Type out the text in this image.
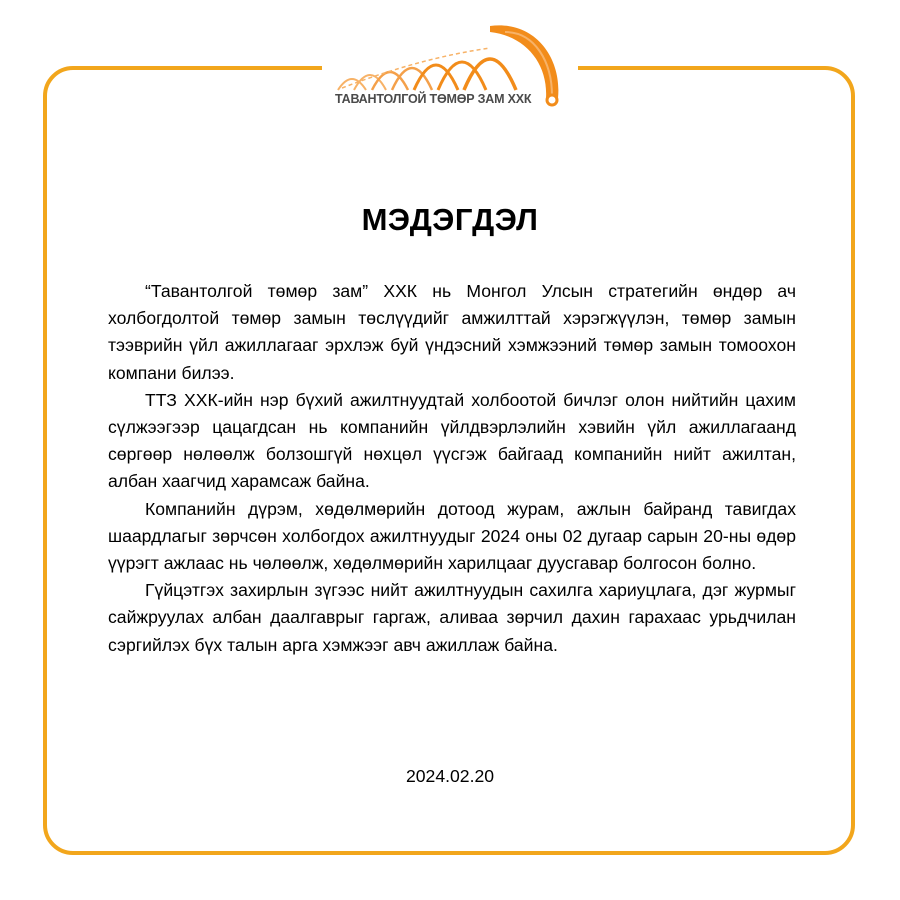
ТАВАНТОЛГОЙ ТӨМӨР ЗАМ ХХК
МЭДЭГДЭЛ

“Тавантолгой төмөр зам” ХХК нь Монгол Улсын стратегийн өндөр ач холбогдолтой төмөр замын төслүүдийг амжилттай хэрэгжүүлэн, төмөр замын тээврийн үйл ажиллагааг эрхлэж буй үндэсний хэмжээний төмөр замын томоохон компани билээ.

ТТЗ ХХК-ийн нэр бүхий ажилтнуудтай холбоотой бичлэг олон нийтийн цахим сүлжээгээр цацагдсан нь компанийн үйлдвэрлэлийн хэвийн үйл ажиллагаанд сөргөөр нөлөөлж болзошгүй нөхцөл үүсгэж байгаад компанийн нийт ажилтан, албан хаагчид харамсаж байна.

Компанийн дүрэм, хөдөлмөрийн дотоод журам, ажлын байранд тавигдах шаардлагыг зөрчсөн холбогдох ажилтнуудыг 2024 оны 02 дугаар сарын 20-ны өдөр үүрэгт ажлаас нь чөлөөлж, хөдөлмөрийн харилцааг дуусгавар болгосон болно.

Гүйцэтгэх захирлын зүгээс нийт ажилтнуудын сахилга хариуцлага, дэг журмыг сайжруулах албан даалгаврыг гаргаж, аливаа зөрчил дахин гарахаас урьдчилан сэргийлэх бүх талын арга хэмжээг авч ажиллаж байна.

2024.02.20
